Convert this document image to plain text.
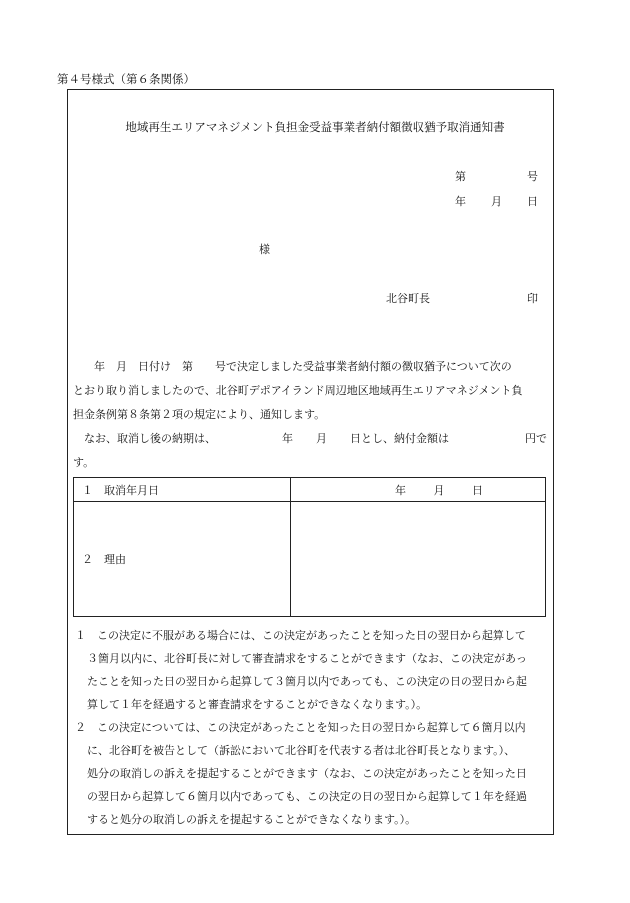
第４号様式（第６条関係）
地域再生エリアマネジメント負担金受益事業者納付額徴収猶予取消通知書
第	号
年 月 日
様
北谷町長	印
年　月　日付け　第　　号で決定しました受益事業者納付額の徴収猶予について次の
とおり取り消しましたので、北谷町デポアイランド周辺地区地域再生エリアマネジメント負
担金条例第８条第２項の規定により、通知します。
なお、取消し後の納期は、	年 月 日とし、納付金額は	円で
す。
１　取消年月日	年 月 日
２　理由	
１　この決定に不服がある場合には、この決定があったことを知った日の翌日から起算して
３箇月以内に、北谷町長に対して審査請求をすることができます（なお、この決定があっ
たことを知った日の翌日から起算して３箇月以内であっても、この決定の日の翌日から起
算して１年を経過すると審査請求をすることができなくなります。）。
２　この決定については、この決定があったことを知った日の翌日から起算して６箇月以内
に、北谷町を被告として（訴訟において北谷町を代表する者は北谷町長となります。）、
処分の取消しの訴えを提起することができます（なお、この決定があったことを知った日
の翌日から起算して６箇月以内であっても、この決定の日の翌日から起算して１年を経過
すると処分の取消しの訴えを提起することができなくなります。）。
